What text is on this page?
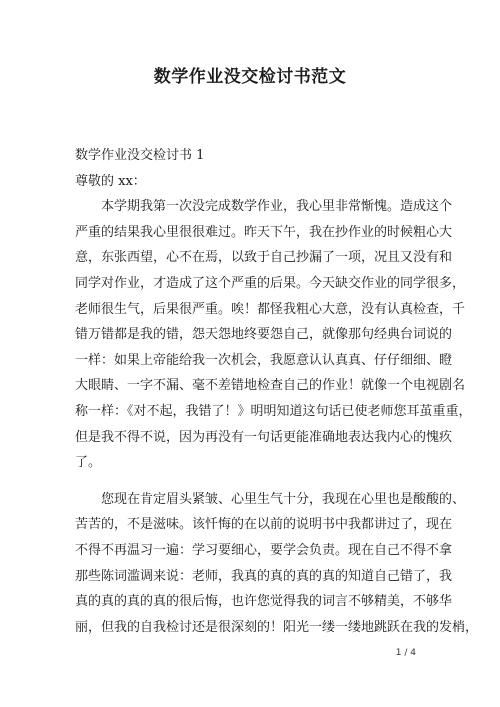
数学作业没交检讨书范文
数学作业没交检讨书 1
尊敬的 xx：
本学期我第一次没完成数学作业，我心里非常惭愧。造成这个
严重的结果我心里很很难过。昨天下午，我在抄作业的时候粗心大
意，东张西望，心不在焉，以致于自己抄漏了一项，况且又没有和
同学对作业，才造成了这个严重的后果。今天缺交作业的同学很多，
老师很生气，后果很严重。唉！都怪我粗心大意，没有认真检查，千
错万错都是我的错，怨天怨地终要怨自己，就像那句经典台词说的
一样：如果上帝能给我一次机会，我愿意认认真真、仔仔细细、瞪
大眼睛、一字不漏、毫不差错地检查自己的作业！就像一个电视剧名
称一样：《对不起，我错了！》明明知道这句话已使老师您耳茧重重，
但是我不得不说，因为再没有一句话更能准确地表达我内心的愧疚
了。
您现在肯定眉头紧皱、心里生气十分，我现在心里也是酸酸的、
苦苦的，不是滋味。该忏悔的在以前的说明书中我都讲过了，现在
不得不再温习一遍：学习要细心，要学会负责。现在自己不得不拿
那些陈词滥调来说：老师，我真的真的真的真的知道自己错了，我
真的真的真的真的很后悔，也许您觉得我的词言不够精美，不够华
丽，但我的自我检讨还是很深刻的！阳光一缕一缕地跳跃在我的发梢，
1 / 4
